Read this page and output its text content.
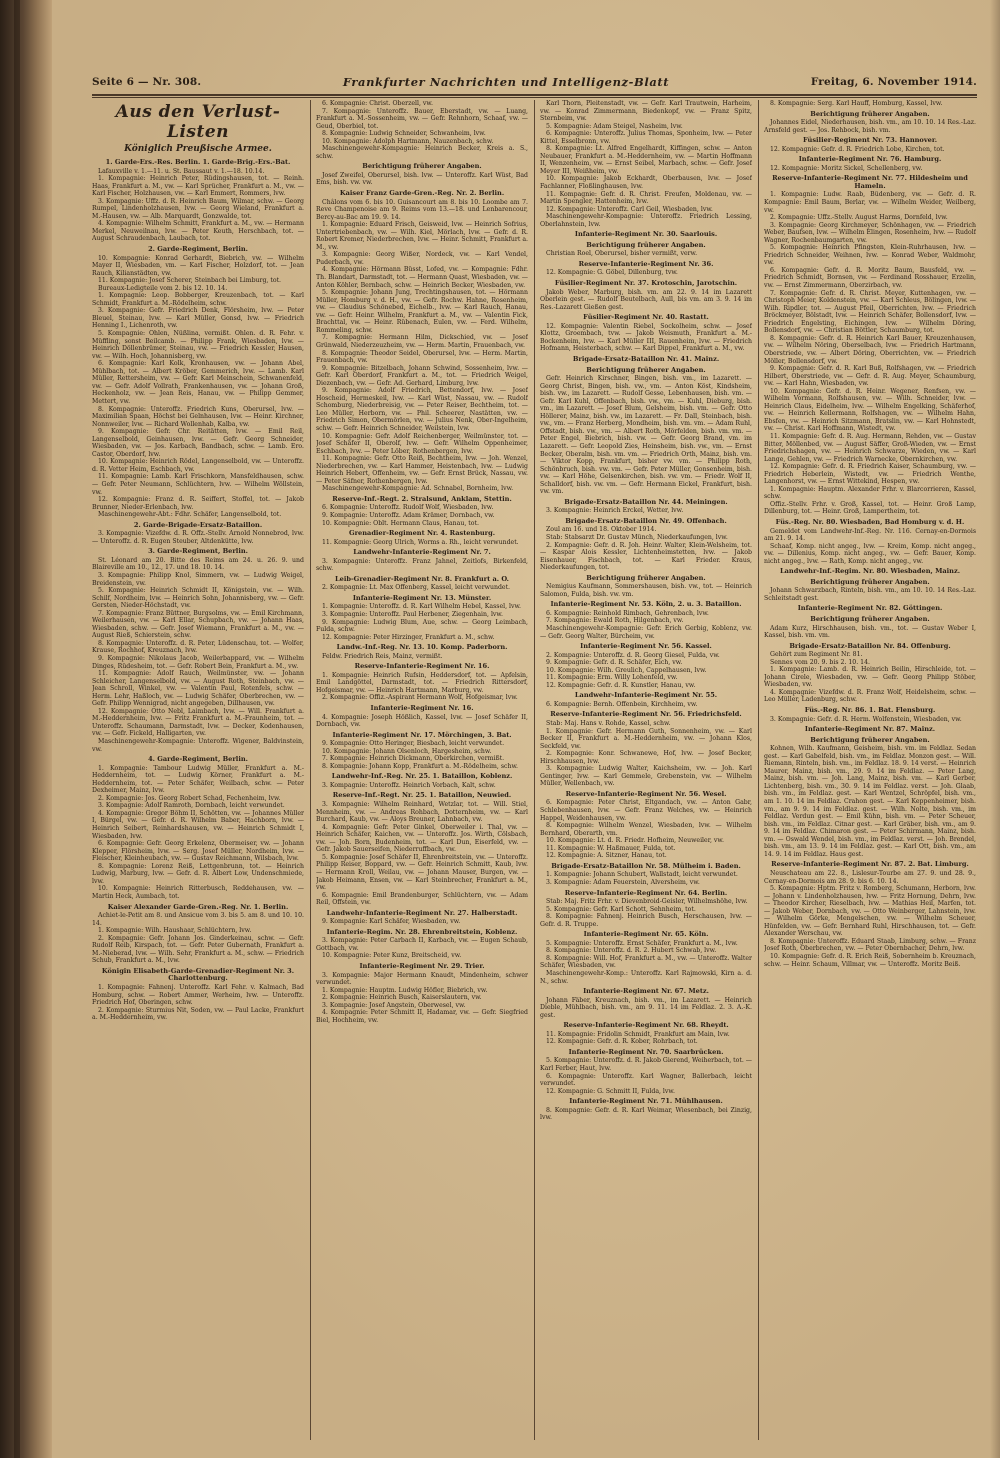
Seite 6 — Nr. 308.	Frankfurter Nachrichten und Intelligenz-Blatt	Freitag, 6. November 1914.
Aus den Verlust-Listen
Königlich Preußische Armee.
1. Garde-Ers.-Res. Berlin. 1. Garde-Brig.-Ers.-Bat.
Lafauxville v. 1.—11. u. St. Baussaut v. 1.—18. 10.14.
1. Kompagnie: Heinrich Peter, Rüdingshausen, tot. — Reinh. Haas, Frankfurt a. M., vw. — Karl Sprücher, Frankfurt a. M., vw. — Karl Fischer, Holzhausen, vw. — Karl Emmert, Rommers, lvw.
3. Kompagnie: Uffz. d. R. Heinrich Baum, Wilmar, schw. — Georg Rumpel, Lindenholzhausen, lvw. — Georg Wieland, Frankfurt a. M.-Hausen, vw. — Alb. Marquardt, Gonzwalde, tot.
4. Kompagnie: Wilhelm Schmitt, Frankfurt a. M., vw. — Hermann Merkel, Neuweilnau, lvw. — Peter Keuth, Herschbach, tot. — August Schraudenbach, Laubach, tot.
2. Garde-Regiment, Berlin.
10. Kompagnie: Konrad Gerhardt, Biebrich, vw. — Wilhelm Mayer II, Wiesbaden, vm. — Karl Fischer, Holzdorf, tot. — Jean Rauch, Kilianstädten, vw.
11. Kompagnie: Josef Scherer, Steinbach bei Limburg, tot.
Bureaux-Ledigteile vom 2. bis 12. 10. 14.
1. Kompagnie: Leop. Bobberger, Kreuzenbach, tot. — Karl Schmidt, Frankfurt a. M.-Rödelheim, schw.
3. Kompagnie: Gefr. Friedrich Denk, Flörsheim, lvw. — Peter Bleuel, Steinau, lvw. — Karl Müller, Gonsd, lvw. — Friedrich Henning I., Lichenroth, vw.
5. Kompagnie: Ohlen, Nüßlina, vermißt. Ohlen. d. R. Fehr. v. Müffling, sonst Beilcamb. — Philipp Frank, Wiesbaden, lvw. — Heinrich Döllenbrümer, Steinau, vw. — Friedrich Kessler, Hausen, vw. — Wilh. Hoch, Johannisberg, vw.
6. Kompagnie: Karl Kolk, Kronhausen, vw. — Johann Abel, Mühlbach, tot. — Albert Kröber, Gemmerich, lvw. — Lamb. Karl Müller, Rettersheim, vw. — Gefr. Karl Meinschein, Schwanenfeld, vw. — Gefr. Adolf Vollrath, Frankenhausen, vw. — Johann Groß, Heckenholz, vw. — Jean Reis, Hanau, vw. — Philipp Gemmer, Mettert, vw.
8. Kompagnie: Unteroffz. Friedrich Kuns, Oberursel, lvw. — Maximilian Spaan, Höchst bei Gelnhausen, lvw. — Heinr. Kirchner, Nonnweiler, lvw. — Richard Wollenhab, Kalba, vw.
9. Kompagnie: Gefr. Chr. Reitätten, lvw. — Emil Reil, Langenselbold, Geinhausen, lvw. — Gefr. Georg Schneider, Wiesbaden, vw. — Jos. Karbach, Bandbach, schw. — Lamb. Ero. Castor, Oberdorf, lvw.
10. Kompagnie: Heinrich Rödel, Langenselbold, vw. — Unteroffz. d. R. Vetter Heim, Eschbach, vw.
11. Kompagnie: Lamb. Karl Frischkorn, Mansfeldhausen, schw. — Gefr. Peter Neumann, Schlüchtern, lvw. — Wilhelm Wöllstein, vw.
12. Kompagnie: Franz d. R. Seiffert, Stoffel, tot. — Jakob Brunner, Nieder-Erlenbach, lvw.
Maschinengewehr-Abt.: Fdhr. Schäfer, Langenselbold, tot.
2. Garde-Brigade-Ersatz-Bataillon.
3. Kompagnie: Vizefdw. d. R. Offz.-Stellv. Arnold Nonnebrod, lvw. — Unteroffz. d. R. Eugen Steuber, Altdenkütte, lvw.
3. Garde-Regiment, Berlin.
St. Léonard am 20. Bitte des Reims am 24. u. 26. 9. und Blaireville am 10., 12., 17. und 18. 10. 14.
3. Kompagnie: Philipp Knol, Simmern, vw. — Ludwig Weigel, Breidenstein, vw.
5. Kompagnie: Heinrich Schmidt II, Königstein, vw. — Wilh. Schilf, Nordheim, lvw. — Heinrich Sohn, Johannisberg, vw. — Gefr. Gersten, Nieder-Höchstadt, vw.
7. Kompagnie: Franz Büttner, Burgsolms, vw. — Emil Kirchmann, Weilerhausen, vw. — Karl Ellar, Schupbach, vw. — Johann Haas, Wiesbaden, schw. — Gefr. Josef Wiemann, Frankfurt a. M., vw. — August Rieß, Schierstein, schw.
8. Kompagnie: Unteroffz. d. R. Peter, Lüdenschau, tot. — Wolfer, Krause, Rochhof, Kreuznach, lvw.
9. Kompagnie: Nikolaus Jacob, Weilerbappard, vw. — Wilhelm Dinges, Rüdesheim, tot. — Gefr. Robert Bein, Frankfurt a. M., vw.
11. Kompagnie: Adolf Rauch, Weilmünster, vw. — Johann Schleicher, Langenselbold, vw. — August Roth, Steinbach, vw. — Jean Schroll, Winkel, vw. — Valentin Paul, Rotenfels, schw. — Herm. Lehr, Haßloch, vw. — Ludwig Schäfer, Oberbrechen, vw. — Gefr. Philipp Wennigrad, nicht angegeben, Dillhausen, vw.
12. Kompagnie: Otto Nebl, Laimbach, lvw. — Will. Frankfurt a. M.-Heddernheim, lvw. — Fritz Frankfurt a. M.-Fraunheim, tot. — Unteroffz. Schaumann, Darmstadt, lvw. — Decker, Kodenhausen, vw. — Gefr. Fickeld, Halligarten, vw.
Maschinengewehr-Kompagnie: Unteroffz. Wigener, Baldvinstein, vw.
4. Garde-Regiment, Berlin.
1. Kompagnie: Tambour Ludwig Müller, Frankfurt a. M.-Heddernheim, tot. — Ludwig Körner, Frankfurt a. M.-Heddernheim, tot. — Peter Schäfer, Weilbach, schw. — Peter Dexheimer, Mainz, lvw.
2. Kompagnie: Jos. Georg Robert Schad, Fechenheim, lvw.
3. Kompagnie: Adolf Ramroth, Dornbach, leicht verwundet.
4. Kompagnie: Gregor Böhm II, Schötten, vw. — Johannes Müller I, Bürgel, vw. — Gefr. d. R. Wilhelm Baber, Hachborn, lvw. — Heinrich Seibert, Reinhardshausen, vw. — Heinrich Schmidt I, Wiesbaden, lvw.
6. Kompagnie: Gefr. Georg Erkelenz, Obermeiser, vw. — Johann Klepper, Flörsheim, lvw. — Serg. Josef Müller, Nordheim, lvw. — Fleischer, Kleinheubach, vw. — Gustav Reichmann, Wilsbach, lvw.
8. Kompagnie: Lorenz Reiß, Lettgenbrunn, tot. — Heinrich Ludwig, Marburg, lvw. — Gefr. d. R. Albert Low, Undenschmiede, lvw.
10. Kompagnie: Heinrich Ritterbusch, Reddehausen, vw. — Martin Heck, Aumbach, tot.
Kaiser Alexander Garde-Gren.-Reg. Nr. 1. Berlin.
Achiet-le-Petit am 8. und Ansicue vom 3. bis 5. am 8. und 10. 10. 14.
1. Kompagnie: Wilh. Haushaar, Schlüchtern, lvw.
2. Kompagnie: Gefr. Johann Jos. Ginderkeinau, schw. — Gefr. Rudolf Reib, Kirspach, tot. — Gefr. Peter Gubernath, Frankfurt a. M.-Nieberad, lvw. — Wilh. Sehr, Frankfurt a. M., schw. — Friedrich Schub, Frankfurt a. M., lvw.
Königin Elisabeth-Garde-Grenadier-Regiment Nr. 3. Charlottenburg.
1. Kompagnie: Fahnenj. Unteroffz. Karl Fehr. v. Kalmach, Bad Homburg, schw. — Robert Ammer, Werheim, lvw. — Unteroffz. Friedrich Hof, Oberingen, schw.
2. Kompagnie: Sturmius Nit, Soden, vw. — Paul Lacke, Frankfurt a. M.-Heddernheim, vw.
6. Kompagnie: Christ. Oberzell, vw.
7. Kompagnie: Unteroffz. Bauer, Eberstadt, vw. — Luang, Frankfurt a. M.-Sossenheim, vw. — Gefr. Rehnhorn, Schaaf, vw. — Geud, Oberbiel, tot.
8. Kompagnie: Ludwig Schneider, Schwanheim, lvw.
10. Kompagnie: Adolph Hartmann, Nauzenbach, schw.
Maschinengewehr-Kompagnie: Heinrich Becker, Kreis a. S., schw.
Berichtigung früherer Angaben.
Josef Zweifel, Oberursel, bish. lvw. — Unteroffz. Karl Wüst, Bad Ems, bish. vw. vw.
Kaiser Franz Garde-Gren.-Reg. Nr. 2. Berlin.
Châlons vom 6. bis 10. Guisancourt am 8. bis 10. Loombe am 7. Reve Champenoise am 9. Reims vom 13.—18. und Lenbarencour, Bercy-au-Bac am 19. 9. 14.
1. Kompagnie: Eduard Frisch, Geisweid, lvw. — Heinrich Sofrius, Untertriebenbach, vw. — Wilh. Kiel, Mörlach, lvw. — Gefr. d. R. Robert Kremer, Niederbrechen, lvw. — Heinr. Schmitt, Frankfurt a. M., vw.
3. Kompagnie: Georg Wißer, Nordeck, vw. — Karl Vendel, Puderbach, vw.
4. Kompagnie: Hörmann Büsst, Lofed, vw. — Kompagnie: Fdhr. Th. Blandart, Darmstadt, tot. — Hermann Quast, Wiesbaden, vw. — Anton Köhler, Bernbach, schw. — Heinrich Becker, Wiesbaden, vw.
5. Kompagnie: Johann Jung, Trechtingshausen, tot. — Hörmann Müller, Homburg v. d. H., vw. — Gefr. Rochw. Hahne, Rosenheim, vw. — Claudius Schönebed, Eichelb., lvw. — Karl Rauch, Hanau, vw. — Gefr. Heinr. Wilhelm, Frankfurt a. M., vw. — Valentin Fick, Brachttal, vw. — Heinr. Rübenach, Eulen, vw. — Ferd. Wilhelm, Rommeling, schw.
7. Kompagnie: Hermann Hilm, Dickschied, vw. — Josef Grünwald, Niederzeuzheim, vw. — Herm. Martin, Frauenbach, vw.
8. Kompagnie: Theodor Seidel, Oberursel, lvw. — Herm. Martin, Frauenbach, vw.
9. Kompagnie: Bitzelbach, Johann Schwind, Sossenheim, lvw. — Gefr. Karl Oberdorf, Frankfurt a. M., tot. — Friedrich Weigel, Diezenbach, vw. — Gefr. Ad. Gerhard, Limburg, lvw.
9. Kompagnie: Adolf Friedrich, Bettendorf, lvw. — Josef Hoscheid, Hermeskeil, lvw. — Karl Wüst, Nassau, vw. — Rudolf Schomburg, Niederbreisig, vw. — Peter Reiser, Bechtheim, tot. — Leo Müller, Herborn, vw. — Phil. Scheerer, Nastätten, vw. — Friedrich Simon, Obermörlen, vw. — Julius Nenk, Ober-Ingelheim, schw. — Gefr. Heinrich Schneider, Weilstein, lvw.
10. Kompagnie: Gefr. Adolf Reichenberger, Weilmünster, tot. — Josef Schäfer II, Oberolf, lvw. — Gefr. Wilhelm Oppenheimer, Eschbach, lvw. — Peter Löber, Rothenbergen, lvw.
11. Kompagnie: Gefr. Otto Reiß, Bechtheim, lvw. — Joh. Wenzel, Niederbrechen, vw. — Karl Hammer, Heistenbach, lvw. — Ludwig Heinrich Hebert, Offenheim, vw. — Gefr. Ernst Brück, Nassau, vw. — Peter Säfner, Rothenbergen, lvw.
Maschinengewehr-Kompagnie: Ad. Schnabel, Bornheim, lvw.
Reserve-Inf.-Regt. 2. Stralsund, Anklam, Stettin.
6. Kompagnie: Unteroffz. Rudolf Wolf, Wiesbaden, lvw.
9. Kompagnie: Unteroffz. Adam Krämer, Dornbach, vw.
10. Kompagnie: Oblt. Hermann Claus, Hanau, tot.
Grenadier-Regiment Nr. 4. Rastenburg.
11. Kompagnie: Georg Ulrich, Worms a. Rh., leicht verwundet.
Landwehr-Infanterie-Regiment Nr. 7.
3. Kompagnie: Unteroffz. Franz Jahnel, Zeitlofs, Birkenfeld, schw.
Leib-Grenadier-Regiment Nr. 8. Frankfurt a. O.
2. Kompagnie: Lt. Max Offenberg, Kassel, leicht verwundet.
Infanterie-Regiment Nr. 13. Münster.
1. Kompagnie: Unteroffz. d. R. Karl Wilhelm Hebel, Kassel, lvw.
3. Kompagnie: Unteroffz. Paul Herbener, Ziegenhain, lvw.
9. Kompagnie: Ludwig Blum, Aue, schw. — Georg Leimbach, Fulda, schw.
12. Kompagnie: Peter Hirzinger, Frankfurt a. M., schw.
Landw.-Inf.-Reg. Nr. 13. 10. Komp. Paderborn.
Feldw. Friedrich Reis, Mainz, vermißt.
Reserve-Infanterie-Regiment Nr. 16.
1. Kompagnie: Heinrich Rufsin, Heddersdorf, tot. — Apfelsin, Emil Landgöttel, Darmstadt, tot. — Friedrich Rittersdorf, Hofgeismar, vw. — Heinrich Hartmann, Marburg, vw.
2. Kompagnie: Offiz.-Aspirant Hermann Wolf, Hofgeismar, lvw.
Infanterie-Regiment Nr. 16.
4. Kompagnie: Joseph Hößlich, Kassel, lvw. — Josef Schäfer II, Dornbach, vw.
Infanterie-Regiment Nr. 17. Mörchingen, 3. Bat.
9. Kompagnie: Otto Heringer, Biesbach, leicht verwundet.
10. Kompagnie: Johann Olsenloch, Hargesheim, schw.
7. Kompagnie: Heinrich Dickmann, Oberkirchen, vermißt.
8. Kompagnie: Johann Kopp, Frankfurt a. M.-Rödelheim, schw.
Landwehr-Inf.-Reg. Nr. 25. 1. Bataillon, Koblenz.
3. Kompagnie: Unteroffz. Heinrich Vorbach, Kalt, schw.
Reserve-Inf.-Regt. Nr. 25. 1. Bataillon, Neuwied.
3. Kompagnie: Wilhelm Reinhard, Wetzlar, tot. — Will. Stiel, Mennheim, vw. — Andreas Rohbach, Dotternheim, vw. — Karl Burchard, Kaub, vw. — Aloys Breuner, Lahnbach, vw.
4. Kompagnie: Gefr. Peter Ginkel, Oberweiler i. Thal, vw. — Heinrich Schäfer, Kaichen, vw. — Unteroffz. Jos. Wirth, Cölsbach, vw. — Joh. Born, Budenheim, tot. — Karl Dun, Eiserfeld, vw. — Gefr. Jakob Sauerseifen, Niederruffbach, vw.
5. Kompagnie: Josef Schäfer II, Ehrenbreitstein, vw. — Unteroffz. Philipp Reiser, Boppard, vw. — Gefr. Heinrich Schmitt, Kaub, lvw. — Hermann Kroll, Weilau, vw. — Johann Mauser, Burgen, vw. — Jakob Heimann, Ensen, vw. — Karl Steinbrecher, Frankfurt a. M., vw.
6. Kompagnie: Emil Brandenburger, Schlüchtern, vw. — Adam Reil, Offstein, vw.
Landwehr-Infanterie-Regiment Nr. 27. Halberstadt.
9. Kompagnie: Karl Schäfer, Wiesbaden, vw.
Infanterie-Regim. Nr. 28. Ehrenbreitstein, Koblenz.
3. Kompagnie: Peter Carbach II, Karbach, vw. — Eugen Schaub, Gottbach, vw.
10. Kompagnie: Peter Kunz, Breitscheid, vw.
Infanterie-Regiment Nr. 29. Trier.
3. Kompagnie: Major Hermann Knaudt, Mindenheim, schwer verwundet.
1. Kompagnie: Hauptm. Ludwig Höfler, Biebrich, vw.
2. Kompagnie: Heinrich Busch, Kaiserslautern, vw.
3. Kompagnie: Josef Angstein, Oberwesel, vw.
4. Kompagnie: Peter Schmitt II, Hadamar, vw. — Gefr. Siegfried Biel, Hochheim, vw.
Karl Thorn, Pleitenstadt, vw. — Gefr. Karl Trautwein, Harheim, vw. — Konrad Zimmermann, Biedenkopf, vw. — Franz Spitz, Sternbeim, vw.
5. Kompagnie: Adam Steigel, Nasheim, lvw.
6. Kompagnie: Unteroffz. Julius Thomas, Sponheim, lvw. — Peter Kittel, Esselbronn, vw.
8. Kompagnie: Lt. Alfred Engelhardt, Kiffingen, schw. — Anton Neubauer, Frankfurt a. M.-Heddernheim, vw. — Martin Hoffmann II, Wenzenheim, vw. — Ernst Seibel, Marbach, schw. — Gefr. Josef Meyer III, Weißheim, vw.
10. Kompagnie: Jakob Eckhardt, Oberbausen, lvw. — Josef Fachlanner, Floßlinghausen, lvw.
11. Kompagnie: Gefr. d. R. Christ. Freufen, Moldenau, vw. — Martin Spengler, Hattenheim, lvw.
12. Kompagnie: Unteroffz. Carl Geil, Wiesbaden, lvw.
Maschinengewehr-Kompagnie: Unteroffz. Friedrich Lessing, Oberlahnstein, lvw.
Infanterie-Regiment Nr. 30. Saarlouis.
Berichtigung früherer Angaben.
Christian Roel, Oberursel, bisher vermißt, verw.
Reserve-Infanterie-Regiment Nr. 36.
12. Kompagnie: G. Göbel, Dillenburg, tvw.
Füsilier-Regiment Nr. 37. Krotoschin, Jarotschin.
Jakob Weber, Marburg, bish. vm. am 22. 9. 14 im Lazarett Oberlein gest. — Rudolf Beutelbach, Aull, bis vm. am 3. 9. 14 im Res.-Lazarett Gießen gest.
Füsilier-Regiment Nr. 40. Rastatt.
12. Kompagnie: Valentin Riebel, Sockolheim, schw. — Josef Klottz, Groembach, tvw. — Jakob Weismuth, Frankfurt a. M.-Bockenheim, lvw. — Karl Müller III, Rauenheim, lvw. — Friedrich Hofmann, Heisterbach, schw. — Karl Dippel, Frankfurt a. M., vw.
Brigade-Ersatz-Bataillon Nr. 41. Mainz.
Berichtigung früherer Angaben.
Gefr. Heinrich Kirschner, Bingen, bish. vm., im Lazarett. — Georg Christ, Bingen, bish. vw., vm. — Anton Köst, Kindsheim, bish. vw., im Lazarett. — Rudolf Gesse, Lebenhausen, bish. vm. — Gefr. Karl Kuhl, Offenbach, bish. vw., vm. — Kuhl, Dieburg, bish. vm., im Lazarett. — Josef Blum, Gelsheim, bish. vm. — Gefr. Otto Höllerer, Mainz, bish. vw., im Lazarett. — Fr. Dall, Steinbach, bish. vw., vm. — Franz Herberg, Mondheim, bish. vm. vm. — Adam Ruhl, Offstadt, bish. vw., vm. — Albert Roth, Mörfelden, bish. vm. vm. — Peter Engel, Biebrich, bish. vw. — Gefr. Georg Brand, vm. im Lazarett. — Gefr. Leopold Zies, Heinsheim, bish. vw., vm. — Ernst Becker, Oberalm, bish. vm. vm. — Friedrich Orth, Mainz, bish. vm. — Viktor Kopp, Frankfurt, bisher vw. vm. — Philipp Roth, Schönbruch, bish. vw. vm. — Gefr. Peter Müller, Gonsenheim, bish. vw. — Karl Höhe, Gelsenkirchen, bish. vw. vm. — Friedr. Wolf II, Schalldorf, bish. vw. vm. — Gefr. Hermann Eickel, Frankfurt, bish. vw. vm.
Brigade-Ersatz-Bataillon Nr. 44. Meiningen.
3. Kompagnie: Heinrich Erckel, Wetter, lvw.
Brigade-Ersatz-Bataillon Nr. 49. Offenbach.
Zoul am 16. und 18. Oktober 1914.
Stab: Stabsarzt Dr. Gustav Münch, Niederkaufungen, lvw.
2. Kompagnie: Gefr. d. R. Joh. Heinr. Walter, Klein-Welsheim, tot. — Kaspar Alois Kessler, Lichtenheimstetten, lvw. — Jakob Eisenhauer, Fischbach, tot. — Karl Frieder. Kraus, Niederkaufungen, tot.
Berichtigung früherer Angaben.
Nemigius Kaufmann, Sommershausen, bish. vw., tot. — Heinrich Salomon, Fulda, bish. vw. vm.
Infanterie-Regiment Nr. 53. Köln, 2. u. 3. Bataillon.
6. Kompagnie: Reinhold Rimbach, Gehrenbach, lvw.
7. Kompagnie: Ewald Roth, Hilgenbach, vw.
Maschinengewehr-Kompagnie: Gefr. Erich Gerbig, Koblenz, vw. — Gefr. Georg Walter, Bürcheim, vw.
Infanterie-Regiment Nr. 56. Kassel.
2. Kompagnie: Unteroffz. d. R. Georg Giesel, Fulda, vw.
9. Kompagnie: Gefr. d. R. Schäfer, Eich, vw.
10. Kompagnie: Wilh. Greulich, Cappelhausen, lvw.
11. Kompagnie: Erm. Willy Lohenfeld, vw.
12. Kompagnie: Gefr. d. R. Kunstler, Hanau, vw.
Landwehr-Infanterie-Regiment Nr. 55.
6. Kompagnie: Bernh. Offenbein, Kirchheim, vw.
Reserve-Infanterie-Regiment Nr. 56. Friedrichsfeld.
Stab: Maj. Hans v. Rohde, Kassel, schw.
1. Kompagnie: Gefr. Hermann Guth, Sonnenheim, vw. — Karl Becker II, Frankfurt a. M.-Heddernheim, vw. — Johann Klos, Seckfeld, vw.
2. Kompagnie: Konr. Schwanewe, Hof, lvw. — Josef Becker, Hirschhausen, lvw.
3. Kompagnie: Ludwig Walter, Kaichsheim, vw. — Joh. Karl Gentinger, lvw. — Karl Gemmele, Grebenstein, vw. — Wilhelm Müller, Wellenbach, vw.
Reserve-Infanterie-Regiment Nr. 56. Wesel.
6. Kompagnie: Peter Christ, Eltgandach, vw. — Anton Gabr, Schlebenhausen, lvw. — Gefr. Franz Welches, vw. — Heinrich Happel, Weidenhausen, vw.
8. Kompagnie: Wilhelm Wenzel, Wiesbaden, lvw. — Wilhelm Bernhard, Oberarth, vm.
10. Kompagnie: Lt. d. R. Friedr. Hofheim, Neuweiler, vw.
11. Kompagnie: W. Haßmauer, Fulda, tot.
12. Kompagnie: A. Sitzner, Hanau, tot.
Brigade-Ersatz-Bataillon Nr. 58. Mülheim i. Baden.
1. Kompagnie: Johann Schubert, Wallstadt, leicht verwundet.
3. Kompagnie: Adam Feuerstein, Alversheim, vw.
Reserve-Infanterie-Regiment Nr. 64. Berlin.
Stab: Maj. Fritz Frhr. v. Dievenbroid-Geisler, Wilhelmshöhe, lvw.
5. Kompagnie: Gefr. Karl Schott, Sehnheim, tot.
8. Kompagnie: Fahnenj. Heinrich Busch, Herschausen, lvw. — Gefr. d. R. Truppe.
Infanterie-Regiment Nr. 65. Köln.
5. Kompagnie: Unteroffz. Ernst Schäfer, Frankfurt a. M., lvw.
8. Kompagnie: Unteroffz. d. R. 2. Hubert Schwab, lvw.
8. Kompagnie: Will. Hof, Frankfurt a. M., vw. — Unteroffz. Walter Schäfer, Wiesbaden, vw.
Maschinengewehr-Komp.: Unteroffz. Karl Rajmowski, Kirn a. d. N., schw.
Infanterie-Regiment Nr. 67. Metz.
Johann Fäber, Kreuznach, bish. vm., im Lazarett. — Heinrich Dieble, Mühlbach, bish. vm., am 9. 11. 14 im Feldlaz. 2. 3. A.-K. gest.
Reserve-Infanterie-Regiment Nr. 68. Rheydt.
11. Kompagnie: Fridolin Schmidt, Frankfurt am Main, lvw.
12. Kompagnie: Gefr. d. R. Kober, Rohrbach, tot.
Infanterie-Regiment Nr. 70. Saarbrücken.
5. Kompagnie: Unteroffz. d. R. Jakob Gierend, Weiherbach, tot. — Karl Ferber, Haut, lvw.
6. Kompagnie: Unteroffz. Karl Wagner, Ballerbach, leicht verwundet.
12. Kompagnie: G. Schmitt II, Fulda, lvw.
Infanterie-Regiment Nr. 71. Mühlhausen.
8. Kompagnie: Gefr. d. R. Karl Weimar, Wiesenbach, bei Zinzig, lvw.
8. Kompagnie: Serg. Karl Hauff, Homburg, Kassel, lvw.
Berichtigung früherer Angaben.
Johannes Eidel, Niederhausen, bish. vm., am 10. 10. 14 Res.-Laz. Arnsfeld gest. — Jos. Rehbock, bish. vm.
Füsilier-Regiment Nr. 73. Hannover.
12. Kompagnie: Gefr. d. R. Friedrich Lobe, Kirchen, tot.
Infanterie-Regiment Nr. 76. Hamburg.
12. Kompagnie: Moritz Sickel, Schellenberg, vw.
Reserve-Infanterie-Regiment Nr. 77. Hildesheim und Hameln.
1. Kompagnie: Ludw. Raab, Büdenberg, vw. — Gefr. d. R. Kompagnie: Emil Baum, Berlar, vw. — Wilhelm Weider, Weilberg, vw.
2. Kompagnie: Uffz.-Stellv. August Harms, Dornfeld, lvw.
3. Kompagnie: Georg Kirchmeyer, Schönhagen, vw. — Friedrich Weber, Baufsen, lvw. — Wilhelm Elingen, Rosenheim, lvw. — Rudolf Wagner, Rochenbaumgarten, vw.
5. Kompagnie: Heinrich Pfingsten, Klein-Ruhrhausen, lvw. — Friedrich Schneider, Weihnen, lvw. — Konrad Weber, Waldmohr, vw.
6. Kompagnie: Gefr. d. R. Moritz Baum, Bausfeld, vw. — Friedrich Schmidt, Bornsen, vw. — Ferdinand Rosshauer, Erzelin, vw. — Ernst Zimmermann, Oberzirbach, vw.
7. Kompagnie: Gefr. d. R. Christ. Meyer, Kuttenhagen, vw. — Christoph Meier, Koldenstein, vw. — Karl Schleus, Bölingen, lvw. — Wilh. Ripdler, tot. — August Pfeil, Oberrichten, lvw. — Friedrich Bröckmeyer, Bölstadt, lvw. — Heinrich Schäfer, Bollensdorf, lvw. — Friedrich Engelsting, Eichingen, lvw. — Wilhelm Döring, Bollensdorf, vw. — Christian Böttler, Schaumburg, tot.
8. Kompagnie: Gefr. d. R. Heinrich Karl Bauer, Kreuzenhausen, vw. — Wilhelm Nöring, Oberselbach, lvw. — Friedrich Hartmann, Oberstriede, vw. — Albert Döring, Oberrichten, vw. — Friedrich Möller, Bollensdorf, vw.
9. Kompagnie: Gefr. d. R. Karl Buß, Rolfshagen, vw. — Friedrich Hilbert, Oberstriede, vw. — Gefr. d. R. Aug. Meyer, Schaumburg, vw. — Karl Hahn, Wiesbaden, vw.
10. Kompagnie: Gefr. d. R. Heinr. Wegener, Renfsen, vw. — Wilhelm Vormann, Rolfshausen, vw. — Wilh. Schneider, lvw. — Heinrich Claus, Eidelheim, lvw. — Wilhelm Engelking, Schäferhof, vw. — Heinrich Kellermann, Rolfshagen, vw. — Wilhelm Hahn, Ebsfen, vw. — Heinrich Sitzmann, Bratslin, vw. — Karl Hohnstedt, vw. — Christ. Karl Hoffmann, Wistedt, vw.
11. Kompagnie: Gefr. d. R. Aug. Hermann, Rehden, vw. — Gustav Bitter, Möllenbed, vw. — August Säffer, Groß-Wieden, vw. — Ernst Friedrichshagen, vw. — Heinrich Schwarze, Wieden, vw. — Karl Lange, Gehlen, vw. — Friedrich Warnecke, Obernkirchen, vw.
12. Kompagnie: Gefr. d. R. Friedrich Kaiser, Schaumburg, vw. — Friedrich Heberlein, Wistedt, vw. — Friedrich Wenthe, Langenhorst, vw. — Ernst Wittekind, Hespen, vw.
1. Kompagnie: Hauptm. Alexander Frhr. v. Blarcorrieren, Kassel, schw.
Offiz.-Stellv. Frhr. v. Groß, Kassel, tot. — Heinr. Groß Lamp, Dillenburg, tot. — Heinr. Groß, Lampertheim, tot.
Füs.-Reg. Nr. 80. Wiesbaden, Bad Homburg v. d. H.
Gemeldet vom Landwehr-Inf.-Reg. Nr. 116. Cernay-en-Dormois am 21. 9. 14.
Schaaf, Komp. nicht angeg., lvw. — Kreim, Komp. nicht angeg., vw. — Dillenius, Komp. nicht angeg., vw. — Gefr. Bauer, Komp. nicht angeg., lvw. — Rath, Komp. nicht angeg., vw.
Landwehr-Inf.-Regim. Nr. 80. Wiesbaden, Mainz.
Berichtigung früherer Angaben.
Johann Schwarzbach, Rinteln, bish. vm., am 10. 10. 14 Res.-Laz. Schleitstadt gest.
Infanterie-Regiment Nr. 82. Göttingen.
Berichtigung früherer Angaben.
Adam Kurz, Hirschhausen, bish. vm., tot. — Gustav Weber I, Kassel, bish. vm. vm.
Brigade-Ersatz-Bataillon Nr. 84. Offenburg.
Gehört zum Regiment Nr. 81.
Sennes vom 20. 9. bis 2. 10. 14.
1. Kompagnie: Lamb. d. R. Heinrich Beilin, Hirschleide, tot. — Johann Cirele, Wiesbaden, vw. — Gefr. Georg Philipp Stöber, Wiesbaden, vw.
4. Kompagnie: Vizefdw. d. R. Franz Wolf, Heidelsheim, schw. — Leo Müller, Ladenburg, schw.
Füs.-Reg. Nr. 86. 1. Bat. Flensburg.
3. Kompagnie: Gefr. d. R. Herm. Wolfenstein, Wiesbaden, vw.
Infanterie-Regiment Nr. 87. Mainz.
Berichtigung früherer Angaben.
Kohnen, Wilh. Kaufmann, Geisheim, bish. vm. im Feldlaz. Sedan gest. — Karl Gabelfeld, bish. vm., im Feldlaz. Monzon gest. — Will. Riemann, Rinteln, bish. vm., im Feldlaz. 18. 9. 14 verst. — Heinrich Maurer, Mainz, bish. vm., 29. 9. 14 im Feldlaz. — Peter Lang, Mainz, bish. vm. — Joh. Lang, Mainz, bish. vm. — Karl Gerber, Lichtenberg, bish. vm., 30. 9. 14 im Feldlaz. verst. — Joh. Glaab, bish. vm., im Feldlaz. gest. — Karl Wentzel, Schröpfel, bish. vm., am 1. 10. 14 im Feldlaz. Crahon gest. — Karl Keppenheimer, bish. vm., am 9. 9. 14 im Feldlaz. gest. — Wilh. Nolte, bish. vm., im Feldlaz. Verdun gest. — Emil Kühn, bish. vm. — Peter Scheuer, bish. vm., im Feldlaz. Citnar gest. — Karl Gräber, bish. vm., am 9. 9. 14 im Feldlaz. Chimaron gest. — Peter Schirmann, Mainz, bish. vm. — Oswald Wendel, bish. vm., im Feldlaz. verst. — Joh. Brendel, bish. vm., am 13. 9. 14 im Feldlaz. gest. — Karl Ott, bish. vm., am 14. 9. 14 im Feldlaz. Haus gest.
Reserve-Infanterie-Regiment Nr. 87. 2. Bat. Limburg.
Neuschateau am 22. 8., Lislesur-Tourbe am 27. 9. und 28. 9., Cernay-en-Dormois am 28. 9. bis 6. 10. 14.
5. Kompagnie: Hptm. Fritz v. Romberg, Schumann, Herborn, lvw. — Johann v. Lindenholzhausen, lvw. — Fritz Hornung, Dehrn, lvw. — Theodor Kircher, Rieselbach, lvw. — Mathias Heil, Marfen, tot. — Jakob Weber, Dornbach, vw. — Otto Weinberger, Lahnstein, lvw. — Wilhelm Görke, Mengelschen, vw. — Wilhelm Scheuer, Hünfelden, vw. — Gefr. Bernhard Ruhl, Hirschhausen, tot. — Gefr. Alexander Werschau, vw.
8. Kompagnie: Unteroffz. Eduard Staab, Limburg, schw. — Franz Josef Roth, Oberbrechen, vw. — Peter Obernbacher, Dehrn, lvw.
10. Kompagnie: Gefr. d. R. Erich Reiß, Sobernheim b. Kreuznach, schw. — Heinr. Schaum, Villmar, vw. — Unteroffz. Moritz Beiß.
